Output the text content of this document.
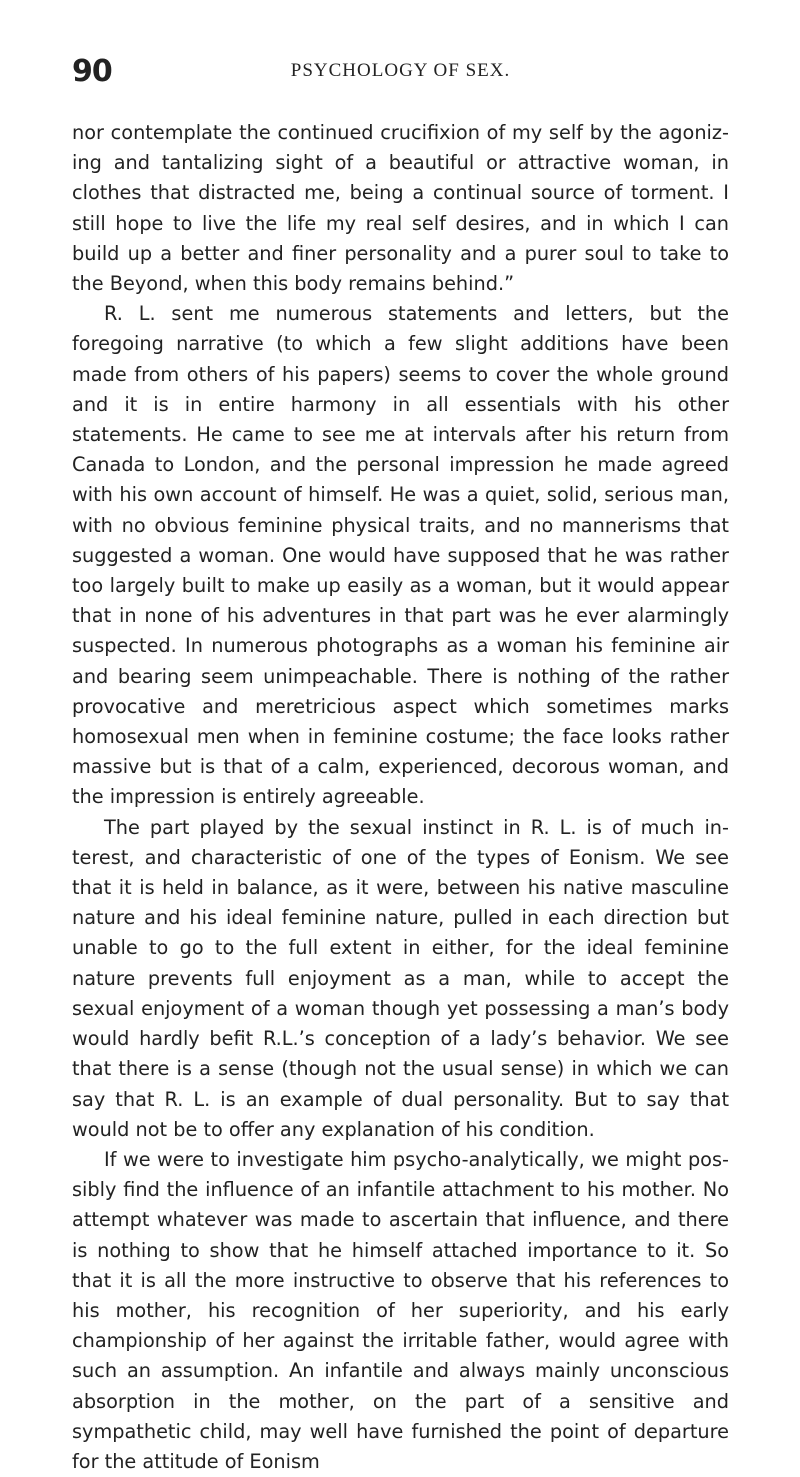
90	PSYCHOLOGY OF SEX.

nor contemplate the continued crucifixion of my self by the agonizing and tantalizing sight of a beautiful or attractive woman, in clothes that distracted me, being a continual source of torment. I still hope to live the life my real self desires, and in which I can build up a better and finer personality and a purer soul to take to the Beyond, when this body remains behind.”

R. L. sent me numerous statements and letters, but the foregoing narrative (to which a few slight additions have been made from others of his papers) seems to cover the whole ground and it is in entire harmony in all essentials with his other statements. He came to see me at intervals after his return from Canada to London, and the personal impression he made agreed with his own account of himself. He was a quiet, solid, serious man, with no obvious feminine physical traits, and no mannerisms that suggested a woman. One would have supposed that he was rather too largely built to make up easily as a woman, but it would appear that in none of his adventures in that part was he ever alarmingly suspected. In numerous photographs as a woman his feminine air and bearing seem unimpeachable. There is nothing of the rather provocative and meretricious aspect which sometimes marks homosexual men when in feminine costume; the face looks rather massive but is that of a calm, experienced, decorous woman, and the impression is entirely agreeable.

The part played by the sexual instinct in R. L. is of much interest, and characteristic of one of the types of Eonism. We see that it is held in balance, as it were, between his native masculine nature and his ideal feminine nature, pulled in each direction but unable to go to the full extent in either, for the ideal feminine nature prevents full enjoyment as a man, while to accept the sexual enjoyment of a woman though yet possessing a man’s body would hardly befit R.L.’s conception of a lady’s behavior. We see that there is a sense (though not the usual sense) in which we can say that R. L. is an example of dual personality. But to say that would not be to offer any explanation of his condition.

If we were to investigate him psycho-analytically, we might possibly find the influence of an infantile attachment to his mother. No attempt whatever was made to ascertain that influence, and there is nothing to show that he himself attached importance to it. So that it is all the more instructive to observe that his references to his mother, his recognition of her superiority, and his early championship of her against the irritable father, would agree with such an assumption. An infantile and always mainly unconscious absorption in the mother, on the part of a sensitive and sympathetic child, may well have furnished the point of departure for the attitude of Eonism
